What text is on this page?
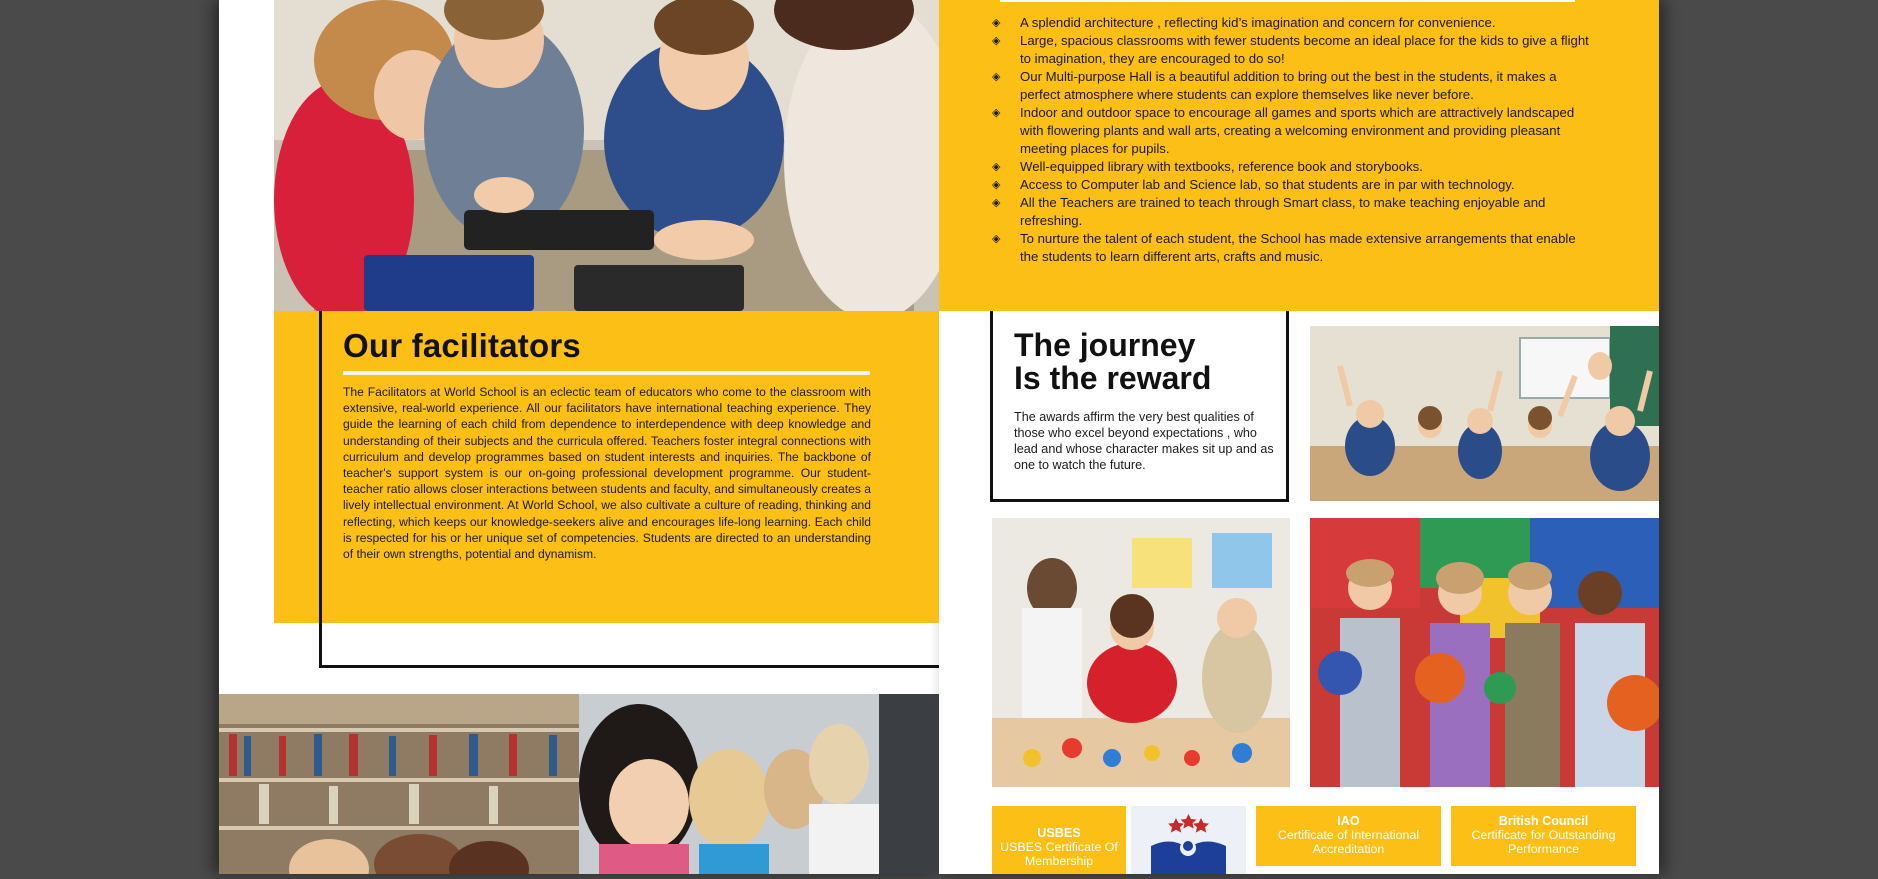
◈ A splendid architecture , reflecting kid’s imagination and concern for convenience.
◈ Large, spacious classrooms with fewer students become an ideal place for the kids to give a flight to imagination, they are encouraged to do so!
◈ Our Multi-purpose Hall is a beautiful addition to bring out the best in the students, it makes a perfect atmosphere where students can explore themselves like never before.
◈ Indoor and outdoor space to encourage all games and sports which are attractively landscaped with flowering plants and wall arts, creating a welcoming environment and providing pleasant meeting places for pupils.
◈ Well-equipped library with textbooks, reference book and storybooks.
◈ Access to Computer lab and Science lab, so that students are in par with technology.
◈ All the Teachers are trained to teach through Smart class, to make teaching enjoyable and refreshing.
◈ To nurture the talent of each student, the School has made extensive arrangements that enable the students to learn different arts, crafts and music.
Our facilitators

The Facilitators at World School is an eclectic team of educators who come to the classroom with extensive, real-world experience. All our facilitators have international teaching experience. They guide the learning of each child from dependence to interdependence with deep knowledge and understanding of their subjects and the curricula offered. Teachers foster integral connections with curriculum and develop programmes based on student interests and inquiries. The backbone of teacher's support system is our on-going professional development programme. Our student-teacher ratio allows closer interactions between students and faculty, and simultaneously creates a lively intellectual environment. At World School, we also cultivate a culture of reading, thinking and reflecting, which keeps our knowledge-seekers alive and encourages life-long learning. Each child is respected for his or her unique set of competencies. Students are directed to an understanding of their own strengths, potential and dynamism.

The journey
Is the reward

The awards affirm the very best qualities of those who excel beyond expectations , who lead and whose character makes sit up and as one to watch the future.

USBES
USBES Certificate Of Membership
IAO
Certificate of International Accreditation
British Council
Certificate for Outstanding Performance
